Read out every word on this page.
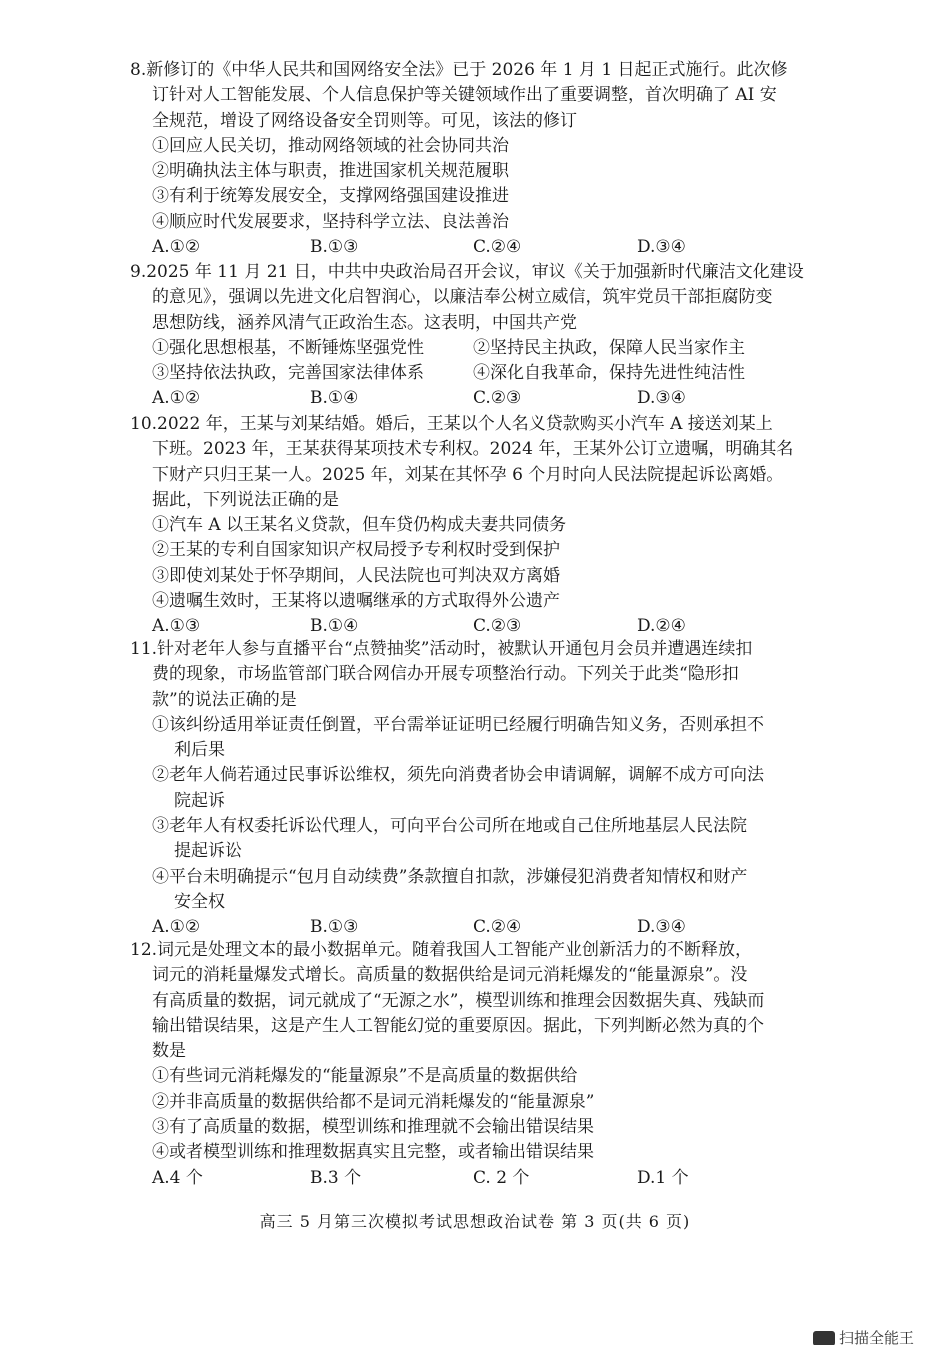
8.新修订的《中华人民共和国网络安全法》已于 2026 年 1 月 1 日起正式施行。此次修
订针对人工智能发展、个人信息保护等关键领域作出了重要调整，首次明确了 AI 安
全规范，增设了网络设备安全罚则等。可见，该法的修订
①回应人民关切，推动网络领域的社会协同共治
②明确执法主体与职责，推进国家机关规范履职
③有利于统筹发展安全，支撑网络强国建设推进
④顺应时代发展要求，坚持科学立法、良法善治
A.①②	B.①③	C.②④	D.③④
9.2025 年 11 月 21 日，中共中央政治局召开会议，审议《关于加强新时代廉洁文化建设
的意见》，强调以先进文化启智润心，以廉洁奉公树立威信，筑牢党员干部拒腐防变
思想防线，涵养风清气正政治生态。这表明，中国共产党
①强化思想根基，不断锤炼坚强党性	②坚持民主执政，保障人民当家作主
③坚持依法执政，完善国家法律体系	④深化自我革命，保持先进性纯洁性
A.①②	B.①④	C.②③	D.③④
10.2022 年，王某与刘某结婚。婚后，王某以个人名义贷款购买小汽车 A 接送刘某上
下班。2023 年，王某获得某项技术专利权。2024 年，王某外公订立遗嘱，明确其名
下财产只归王某一人。2025 年，刘某在其怀孕 6 个月时向人民法院提起诉讼离婚。
据此，下列说法正确的是
①汽车 A 以王某名义贷款，但车贷仍构成夫妻共同债务
②王某的专利自国家知识产权局授予专利权时受到保护
③即使刘某处于怀孕期间，人民法院也可判决双方离婚
④遗嘱生效时，王某将以遗嘱继承的方式取得外公遗产
A.①③	B.①④	C.②③	D.②④
11.针对老年人参与直播平台“点赞抽奖”活动时，被默认开通包月会员并遭遇连续扣
费的现象，市场监管部门联合网信办开展专项整治行动。下列关于此类“隐形扣
款”的说法正确的是
①该纠纷适用举证责任倒置，平台需举证证明已经履行明确告知义务，否则承担不
利后果
②老年人倘若通过民事诉讼维权，须先向消费者协会申请调解，调解不成方可向法
院起诉
③老年人有权委托诉讼代理人，可向平台公司所在地或自己住所地基层人民法院
提起诉讼
④平台未明确提示“包月自动续费”条款擅自扣款，涉嫌侵犯消费者知情权和财产
安全权
A.①②	B.①③	C.②④	D.③④
12.词元是处理文本的最小数据单元。随着我国人工智能产业创新活力的不断释放，
词元的消耗量爆发式增长。高质量的数据供给是词元消耗爆发的“能量源泉”。没
有高质量的数据，词元就成了“无源之水”，模型训练和推理会因数据失真、残缺而
输出错误结果，这是产生人工智能幻觉的重要原因。据此，下列判断必然为真的个
数是
①有些词元消耗爆发的“能量源泉”不是高质量的数据供给
②并非高质量的数据供给都不是词元消耗爆发的“能量源泉”
③有了高质量的数据，模型训练和推理就不会输出错误结果
④或者模型训练和推理数据真实且完整，或者输出错误结果
A.4 个	B.3 个	C. 2 个	D.1 个
高三 5 月第三次模拟考试思想政治试卷 第 3 页(共 6 页)
扫描全能王
